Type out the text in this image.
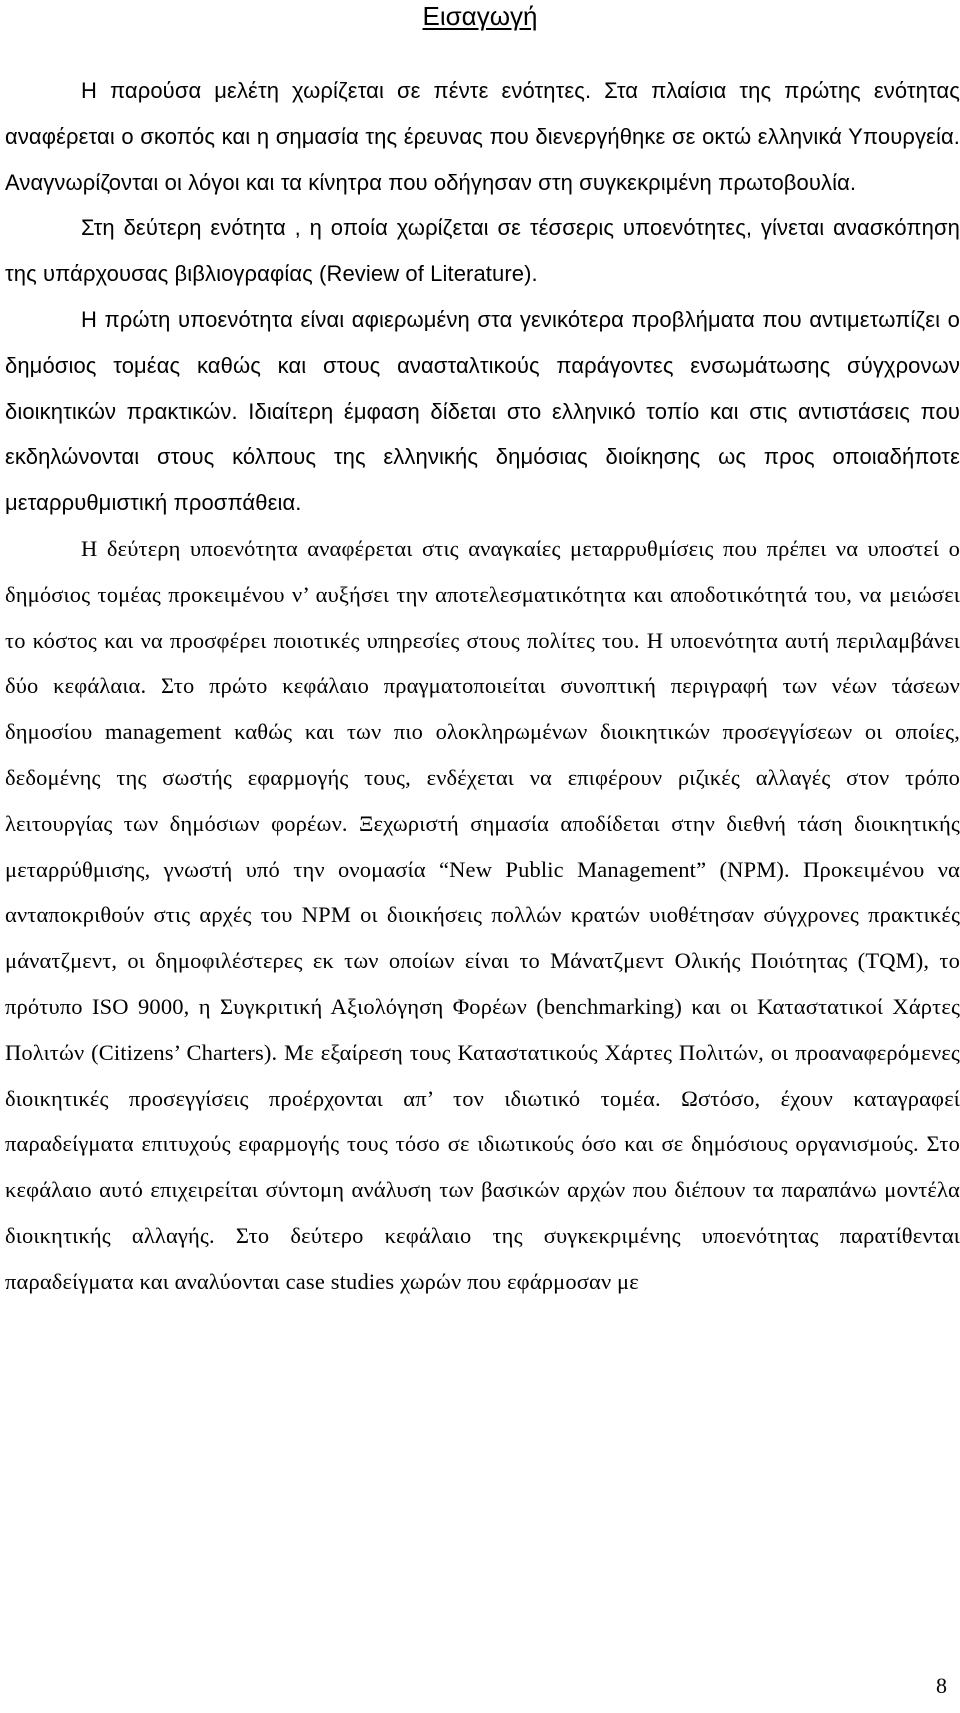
Εισαγωγή

Η παρούσα μελέτη χωρίζεται σε πέντε ενότητες. Στα πλαίσια της πρώτης ενότητας αναφέρεται ο σκοπός και η σημασία της έρευνας που διενεργήθηκε σε οκτώ ελληνικά Υπουργεία. Αναγνωρίζονται οι λόγοι και τα κίνητρα που οδήγησαν στη συγκεκριμένη πρωτοβουλία.

Στη δεύτερη ενότητα , η οποία χωρίζεται σε τέσσερις υποενότητες, γίνεται ανασκόπηση της υπάρχουσας βιβλιογραφίας (Review of Literature).

Η πρώτη υποενότητα είναι αφιερωμένη στα γενικότερα προβλήματα που αντιμετωπίζει ο δημόσιος τομέας καθώς και στους ανασταλτικούς παράγοντες ενσωμάτωσης σύγχρονων διοικητικών πρακτικών. Ιδιαίτερη έμφαση δίδεται στο ελληνικό τοπίο και στις αντιστάσεις που εκδηλώνονται στους κόλπους της ελληνικής δημόσιας διοίκησης ως προς οποιαδήποτε μεταρρυθμιστική προσπάθεια.

Η δεύτερη υποενότητα αναφέρεται στις αναγκαίες μεταρρυθμίσεις που πρέπει να υποστεί ο δημόσιος τομέας προκειμένου ν’ αυξήσει την αποτελεσματικότητα και αποδοτικότητά του, να μειώσει το κόστος και να προσφέρει ποιοτικές υπηρεσίες στους πολίτες του. Η υποενότητα αυτή περιλαμβάνει δύο κεφάλαια. Στο πρώτο κεφάλαιο πραγματοποιείται συνοπτική περιγραφή των νέων τάσεων δημοσίου management καθώς και των πιο ολοκληρωμένων διοικητικών προσεγγίσεων οι οποίες, δεδομένης της σωστής εφαρμογής τους, ενδέχεται να επιφέρουν ριζικές αλλαγές στον τρόπο λειτουργίας των δημόσιων φορέων. Ξεχωριστή σημασία αποδίδεται στην διεθνή τάση διοικητικής μεταρρύθμισης, γνωστή υπό την ονομασία “New Public Management” (NPM). Προκειμένου να ανταποκριθούν στις αρχές του NPM οι διοικήσεις πολλών κρατών υιοθέτησαν σύγχρονες πρακτικές μάνατζμεντ, οι δημοφιλέστερες εκ των οποίων είναι το Μάνατζμεντ Ολικής Ποιότητας (TQM), το πρότυπο ISO 9000, η Συγκριτική Αξιολόγηση Φορέων (benchmarking) και οι Καταστατικοί Χάρτες Πολιτών (Citizens’ Charters). Με εξαίρεση τους Καταστατικούς Χάρτες Πολιτών, οι προαναφερόμενες διοικητικές προσεγγίσεις προέρχονται απ’ τον ιδιωτικό τομέα. Ωστόσο, έχουν καταγραφεί παραδείγματα επιτυχούς εφαρμογής τους τόσο σε ιδιωτικούς όσο και σε δημόσιους οργανισμούς. Στο κεφάλαιο αυτό επιχειρείται σύντομη ανάλυση των βασικών αρχών που διέπουν τα παραπάνω μοντέλα διοικητικής αλλαγής. Στο δεύτερο κεφάλαιο της συγκεκριμένης υποενότητας παρατίθενται παραδείγματα και αναλύονται case studies χωρών που εφάρμοσαν με

8
